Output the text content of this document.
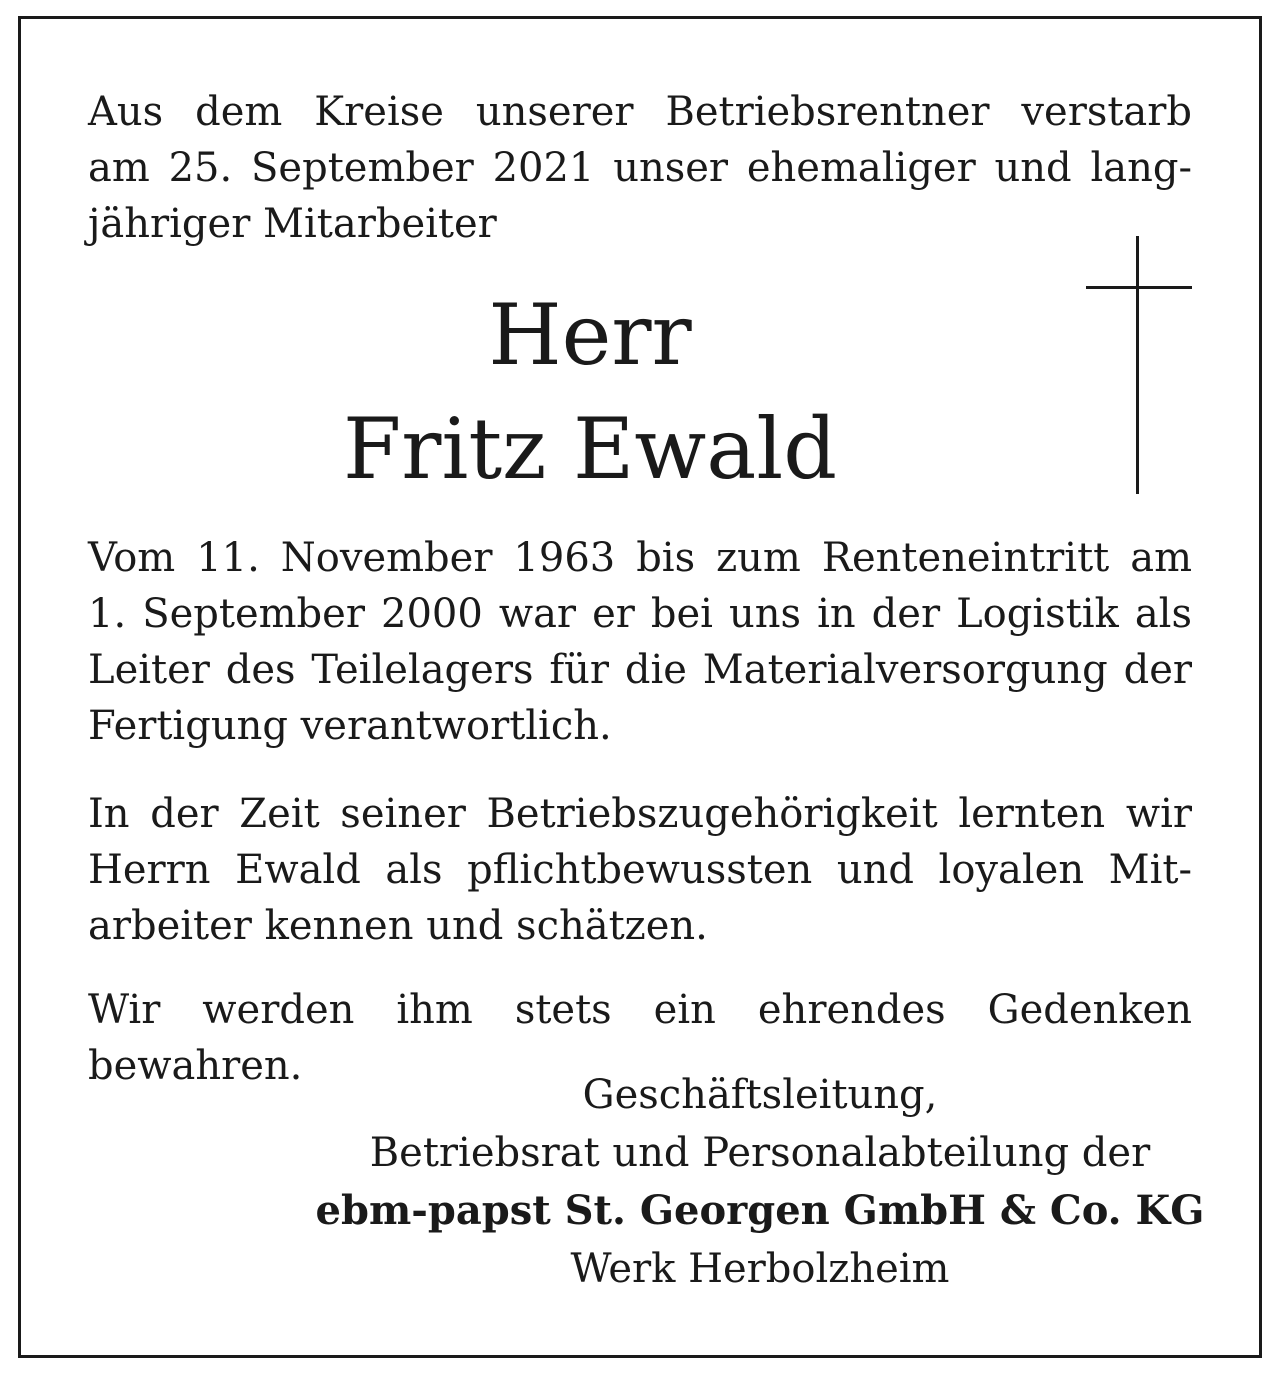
Aus dem Kreise unserer Betriebsrentner verstarb
am 25. September 2021 unser ehemaliger und lang-
jähriger Mitarbeiter
Herr
Fritz Ewald
Vom 11. November 1963 bis zum Renteneintritt am
1. September 2000 war er bei uns in der Logistik als
Leiter des Teilelagers für die Materialversorgung der
Fertigung verantwortlich.
In der Zeit seiner Betriebszugehörigkeit lernten wir
Herrn Ewald als pflichtbewussten und loyalen Mit-
arbeiter kennen und schätzen.
Wir werden ihm stets ein ehrendes Gedenken bewahren.

Geschäftsleitung,

Betriebsrat und Personalabteilung der

ebm-papst St. Georgen GmbH & Co. KG

Werk Herbolzheim
